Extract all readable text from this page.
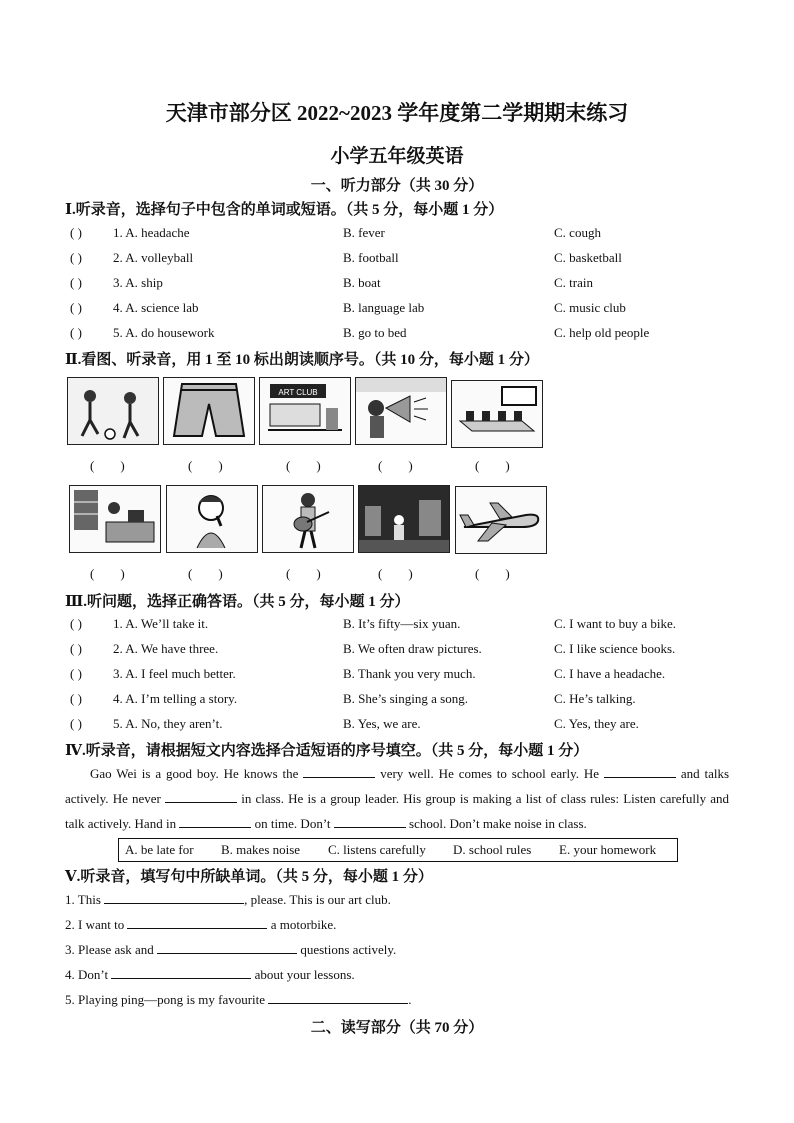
天津市部分区 2022~2023 学年度第二学期期末练习
小学五年级英语
一、听力部分（共 30 分）
Ⅰ.听录音，选择句子中包含的单词或短语。（共 5 分，每小题 1 分）
( ) 1. A. headache	B. fever	C. cough
( ) 2. A. volleyball	B. football	C. basketball
( ) 3. A. ship	B. boat	C. train
( ) 4. A. science lab	B. language lab	C. music club
( ) 5. A. do housework	B. go to bed	C. help old people
Ⅱ.看图、听录音，用 1 至 10 标出朗读顺序号。（共 10 分，每小题 1 分）
ART CLUB
(        )	(        )	(        )	(        )	(        )
(        )	(        )	(        )	(        )	(        )
Ⅲ.听问题，选择正确答语。（共 5 分，每小题 1 分）
( ) 1. A. We’ll take it.	B. It’s fifty—six yuan.	C. I want to buy a bike.
( ) 2. A. We have three.	B. We often draw pictures.	C. I like science books.
( ) 3. A. I feel much better.	B. Thank you very much.	C. I have a headache.
( ) 4. A. I’m telling a story.	B. She’s singing a song.	C. He’s talking.
( ) 5. A. No, they aren’t.	B. Yes, we are.	C. Yes, they are.
Ⅳ.听录音，请根据短文内容选择合适短语的序号填空。（共 5 分，每小题 1 分）
Gao Wei is a good boy. He knows the	very well. He comes to school early. He	and talks actively. He never	in class. He is a group leader. His group is making a list of class rules: Listen carefully and talk actively. Hand in	on time. Don’t	school. Don’t make noise in class.
A. be late for B. makes noise C. listens carefully D. school rules E. your homework
Ⅴ.听录音，填写句中所缺单词。（共 5 分，每小题 1 分）
1. This	, please. This is our art club.
2. I want to	a motorbike.
3. Please ask and	questions actively.
4. Don’t	about your lessons.
5. Playing ping—pong is my favourite	.
二、读写部分（共 70 分）
